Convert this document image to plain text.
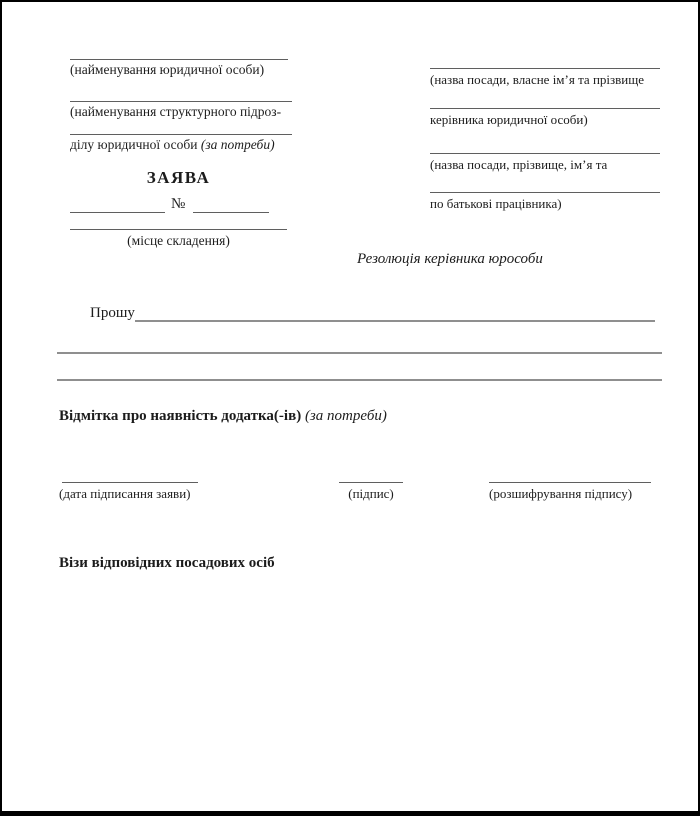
(найменування юридичної особи)
(найменування структурного підроз-
ділу юридичної особи (за потреби)
(назва посади, власне ім’я та прізвище
керівника юридичної особи)
(назва посади, прізвище, ім’я та
по батькові працівника)
ЗАЯВА
№
(місце складення)
Резолюція керівника юрособи
Прошу
Відмітка про наявність додатка(-ів) (за потреби)
(дата підписання заяви)	(підпис)	(розшифрування підпису)
Візи відповідних посадових осіб
